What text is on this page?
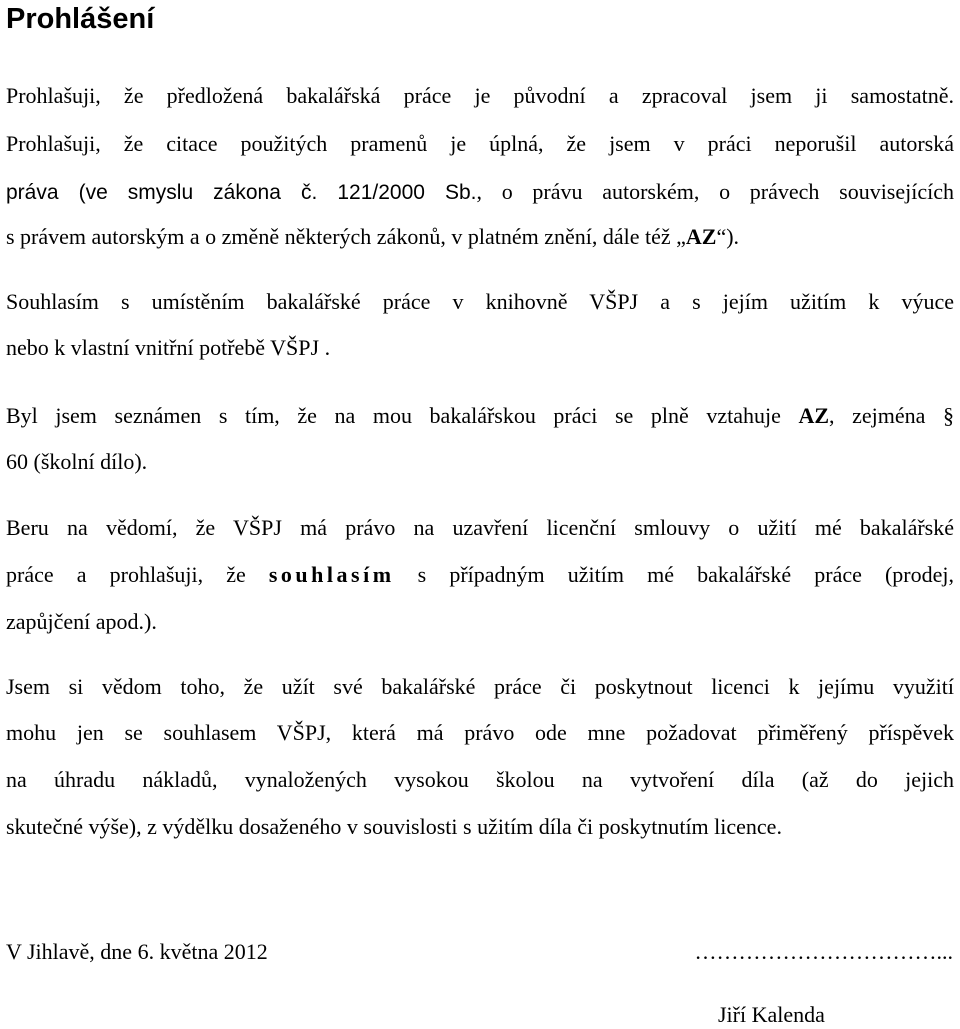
Prohlášení
Prohlašuji, že předložená bakalářská práce je původní a zpracoval jsem ji samostatně.
Prohlašuji, že citace použitých pramenů je úplná, že jsem v práci neporušil autorská
práva (ve smyslu zákona č. 121/2000 Sb., o právu autorském, o právech souvisejících
s právem autorským a o změně některých zákonů, v platném znění, dále též „AZ“).
Souhlasím s umístěním bakalářské práce v knihovně VŠPJ a s jejím užitím k výuce
nebo k vlastní vnitřní potřebě VŠPJ .
Byl jsem seznámen s tím, že na mou bakalářskou práci se plně vztahuje AZ, zejména §
60 (školní dílo).
Beru na vědomí, že VŠPJ má právo na uzavření licenční smlouvy o užití mé bakalářské
práce a prohlašuji, že souhlasím s případným užitím mé bakalářské práce (prodej,
zapůjčení apod.).
Jsem si vědom toho, že užít své bakalářské práce či poskytnout licenci k jejímu využití
mohu jen se souhlasem VŠPJ, která má právo ode mne požadovat přiměřený příspěvek
na úhradu nákladů, vynaložených vysokou školou na vytvoření díla (až do jejich
skutečné výše), z výdělku dosaženého v souvislosti s užitím díla či poskytnutím licence.
V Jihlavě, dne 6. května 2012	……………………………...
Jiří Kalenda
